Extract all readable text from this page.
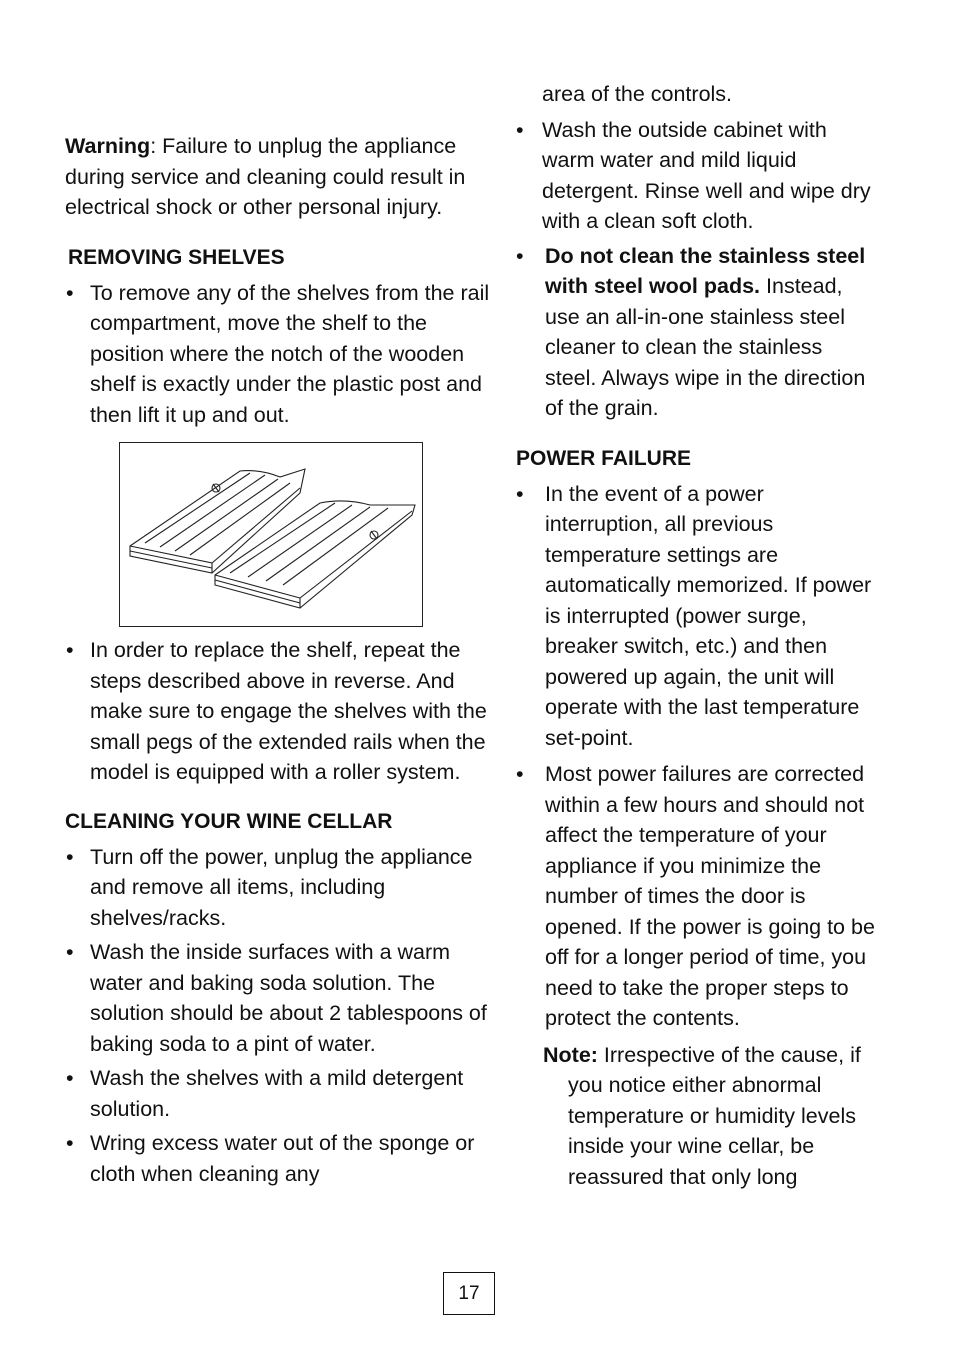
Warning: Failure to unplug the appliance during service and cleaning could result in electrical shock or other personal injury.

REMOVING SHELVES

• To remove any of the shelves from the rail compartment, move the shelf to the position where the notch of the wooden shelf is exactly under the plastic post and then lift it up and out.
• In order to replace the shelf, repeat the steps described above in reverse. And make sure to engage the shelves with the small pegs of the extended rails when the model is equipped with a roller system.

CLEANING YOUR WINE CELLAR

• Turn off the power, unplug the appliance and remove all items, including shelves/racks.
• Wash the inside surfaces with a warm water and baking soda solution. The solution should be about 2 tablespoons of baking soda to a pint of water.
• Wash the shelves with a mild detergent solution.
• Wring excess water out of the sponge or cloth when cleaning any

area of the controls.

• Wash the outside cabinet with warm water and mild liquid detergent. Rinse well and wipe dry with a clean soft cloth.
• Do not clean the stainless steel with steel wool pads. Instead, use an all-in-one stainless steel cleaner to clean the stainless steel. Always wipe in the direction of the grain.

POWER FAILURE

• In the event of a power interruption, all previous temperature settings are automatically memorized. If power is interrupted (power surge, breaker switch, etc.) and then powered up again, the unit will operate with the last temperature set-point.
• Most power failures are corrected within a few hours and should not affect the temperature of your appliance if you minimize the number of times the door is opened. If the power is going to be off for a longer period of time, you need to take the proper steps to protect the contents.

Note: Irrespective of the cause, if you notice either abnormal temperature or humidity levels inside your wine cellar, be reassured that only long

17
